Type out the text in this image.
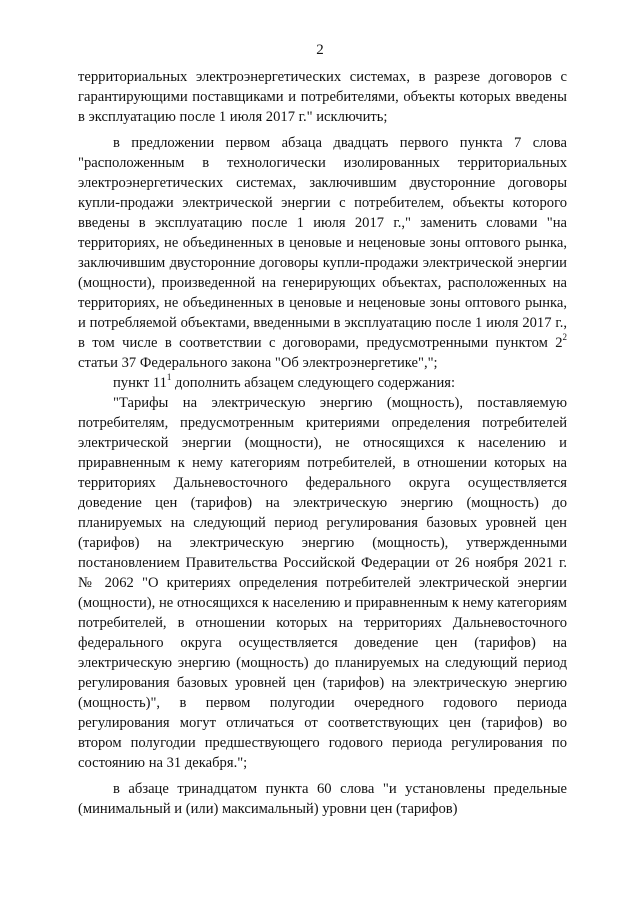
2

территориальных электроэнергетических системах, в разрезе договоров с гарантирующими поставщиками и потребителями, объекты которых введены в эксплуатацию после 1 июля 2017 г." исключить;

в предложении первом абзаца двадцать первого пункта 7 слова "расположенным в технологически изолированных территориальных электроэнергетических системах, заключившим двусторонние договоры купли-продажи электрической энергии с потребителем, объекты которого введены в эксплуатацию после 1 июля 2017 г.," заменить словами "на территориях, не объединенных в ценовые и неценовые зоны оптового рынка, заключившим двусторонние договоры купли-продажи электрической энергии (мощности), произведенной на генерирующих объектах, расположенных на территориях, не объединенных в ценовые и неценовые зоны оптового рынка, и потребляемой объектами, введенными в эксплуатацию после 1 июля 2017 г., в том числе в соответствии с договорами, предусмотренными пунктом $2^2$ статьи 37 Федерального закона "Об электроэнергетике",";

пункт $11^1$ дополнить абзацем следующего содержания:

"Тарифы на электрическую энергию (мощность), поставляемую потребителям, предусмотренным критериями определения потребителей электрической энергии (мощности), не относящихся к населению и приравненным к нему категориям потребителей, в отношении которых на территориях Дальневосточного федерального округа осуществляется доведение цен (тарифов) на электрическую энергию (мощность) до планируемых на следующий период регулирования базовых уровней цен (тарифов) на электрическую энергию (мощность), утвержденными постановлением Правительства Российской Федерации от 26 ноября 2021 г. № 2062 "О критериях определения потребителей электрической энергии (мощности), не относящихся к населению и приравненным к нему категориям потребителей, в отношении которых на территориях Дальневосточного федерального округа осуществляется доведение цен (тарифов) на электрическую энергию (мощность) до планируемых на следующий период регулирования базовых уровней цен (тарифов) на электрическую энергию (мощность)", в первом полугодии очередного годового периода регулирования могут отличаться от соответствующих цен (тарифов) во втором полугодии предшествующего годового периода регулирования по состоянию на 31 декабря.";

в абзаце тринадцатом пункта 60 слова "и установлены предельные (минимальный и (или) максимальный) уровни цен (тарифов)
